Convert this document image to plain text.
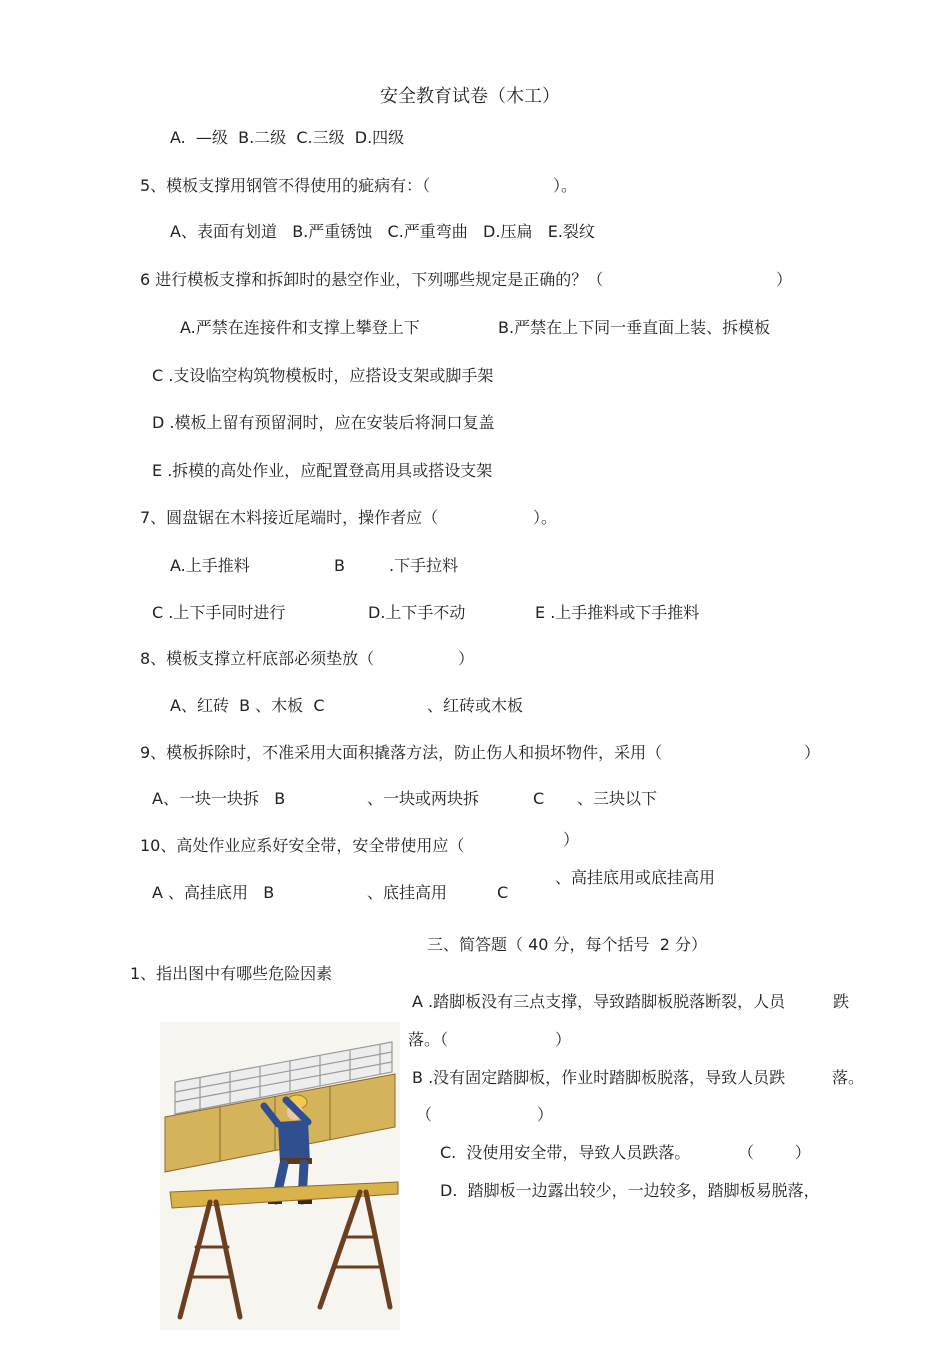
安全教育试卷（木工）
A.  —级  B.二级  C.三级  D.四级
5、模板支撑用钢管不得使用的疵病有：（	）。
A、表面有划道   B.严重锈蚀   C.严重弯曲   D.压扁   E.裂纹
6 进行模板支撑和拆卸时的悬空作业，下列哪些规定是正确的？（	）
A.严禁在连接件和支撑上攀登上下	B.严禁在上下同一垂直面上装、拆模板
C .支设临空构筑物模板时，应搭设支架或脚手架
D .模板上留有预留洞时，应在安装后将洞口复盖
E .拆模的高处作业，应配置登高用具或搭设支架
7、圆盘锯在木料接近尾端时，操作者应（	）。
A.上手推料	B	.下手拉料
C .上下手同时进行	D.上下手不动	E .上手推料或下手推料
8、模板支撑立杆底部必须垫放（	）
A、红砖  B 、木板  C	、红砖或木板
9、模板拆除时，不准采用大面积撬落方法，防止伤人和损坏物件，采用（	）
A、一块一块拆   B	、一块或两块拆	C 、三块以下
10、高处作业应系好安全带，安全带使用应（	）
A 、高挂底用   B	、底挂高用	C
、高挂底用或底挂高用
三、简答题（ 40 分，每个括号  2 分）
1、指出图中有哪些危险因素
A .踏脚板没有三点支撑，导致踏脚板脱落断裂，人员	跌
落。（	）
B .没有固定踏脚板，作业时踏脚板脱落，导致人员跌	落。
（	）
C.  没使用安全带，导致人员跌落。	（        ）
D.  踏脚板一边露出较少，一边较多，踏脚板易脱落，
